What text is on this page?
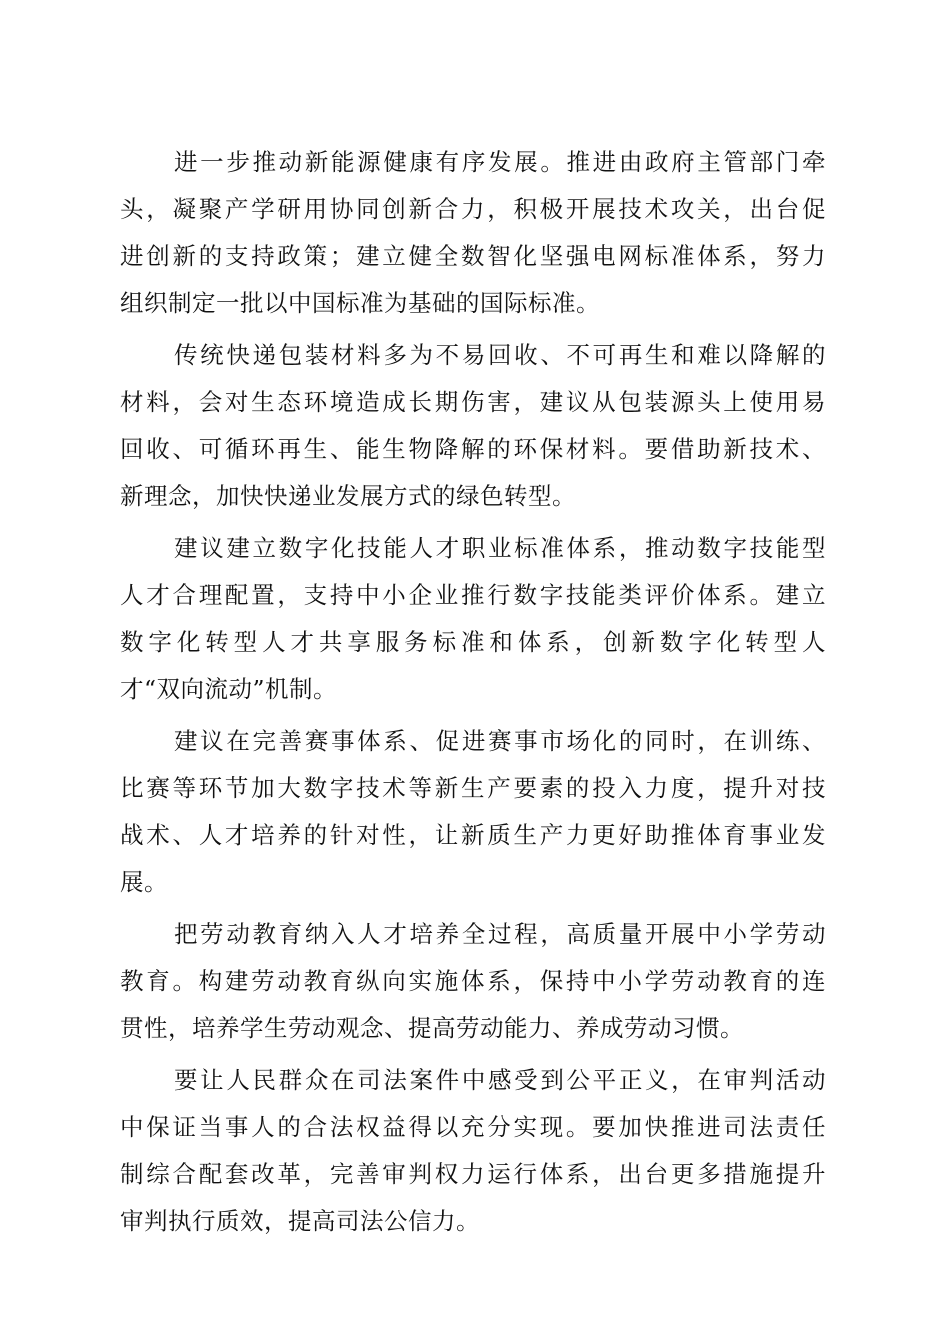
进一步推动新能源健康有序发展。推进由政府主管部门牵
头，凝聚产学研用协同创新合力，积极开展技术攻关，出台促
进创新的支持政策；建立健全数智化坚强电网标准体系，努力
组织制定一批以中国标准为基础的国际标准。
传统快递包装材料多为不易回收、不可再生和难以降解的
材料，会对生态环境造成长期伤害，建议从包装源头上使用易
回收、可循环再生、能生物降解的环保材料。要借助新技术、
新理念，加快快递业发展方式的绿色转型。
建议建立数字化技能人才职业标准体系，推动数字技能型
人才合理配置，支持中小企业推行数字技能类评价体系。建立
数字化转型人才共享服务标准和体系，创新数字化转型人
才“双向流动”机制。
建议在完善赛事体系、促进赛事市场化的同时，在训练、
比赛等环节加大数字技术等新生产要素的投入力度，提升对技
战术、人才培养的针对性，让新质生产力更好助推体育事业发
展。
把劳动教育纳入人才培养全过程，高质量开展中小学劳动
教育。构建劳动教育纵向实施体系，保持中小学劳动教育的连
贯性，培养学生劳动观念、提高劳动能力、养成劳动习惯。
要让人民群众在司法案件中感受到公平正义，在审判活动
中保证当事人的合法权益得以充分实现。要加快推进司法责任
制综合配套改革，完善审判权力运行体系，出台更多措施提升
审判执行质效，提高司法公信力。
